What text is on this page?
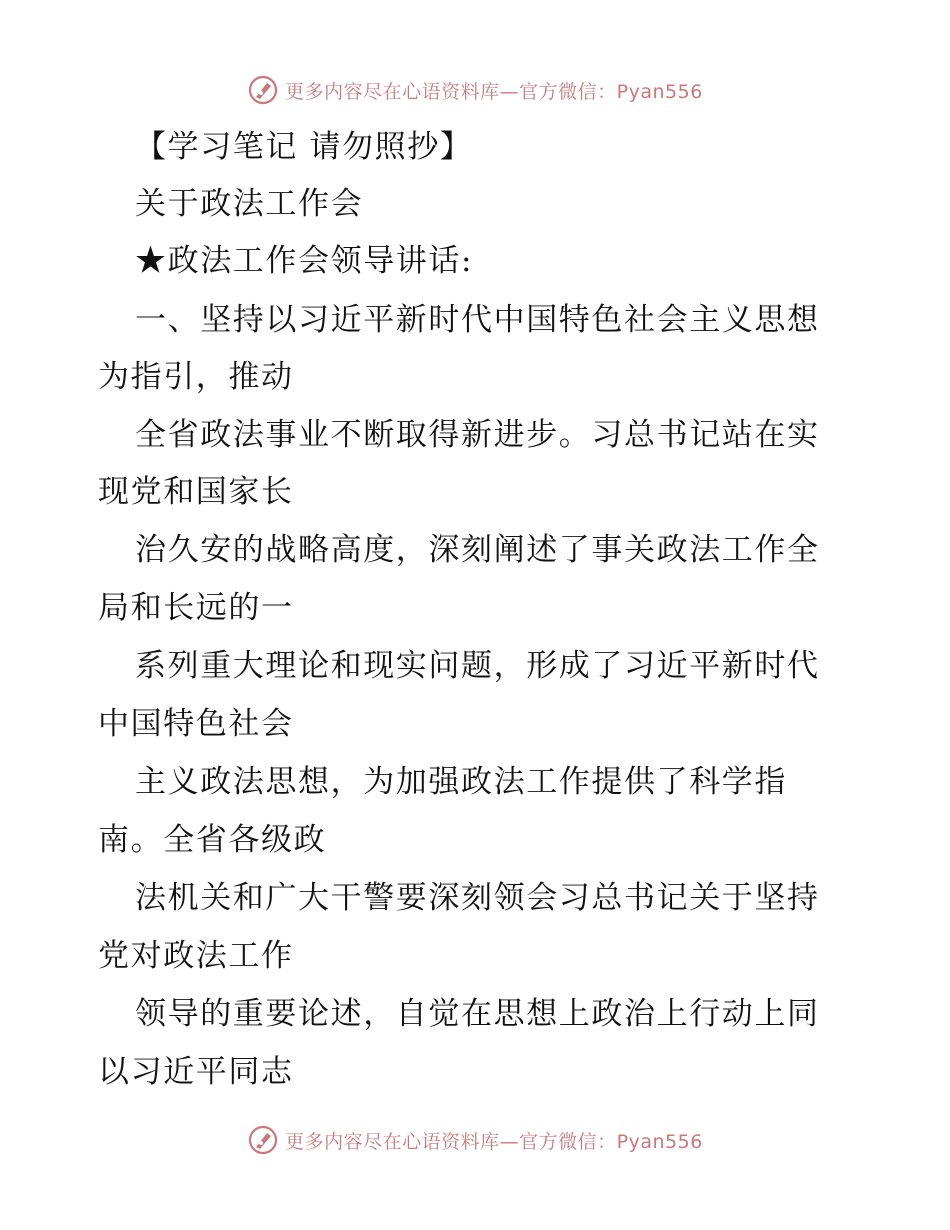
更多内容尽在心语资料库—官方微信：Pyan556
【学习笔记 请勿照抄】
关于政法工作会
★政法工作会领导讲话:
一、坚持以习近平新时代中国特色社会主义思想
为指引，推动
全省政法事业不断取得新进步。习总书记站在实
现党和国家长
治久安的战略高度，深刻阐述了事关政法工作全
局和长远的一
系列重大理论和现实问题，形成了习近平新时代
中国特色社会
主义政法思想，为加强政法工作提供了科学指
南。全省各级政
法机关和广大干警要深刻领会习总书记关于坚持
党对政法工作
领导的重要论述，自觉在思想上政治上行动上同
以习近平同志
更多内容尽在心语资料库—官方微信：Pyan556
